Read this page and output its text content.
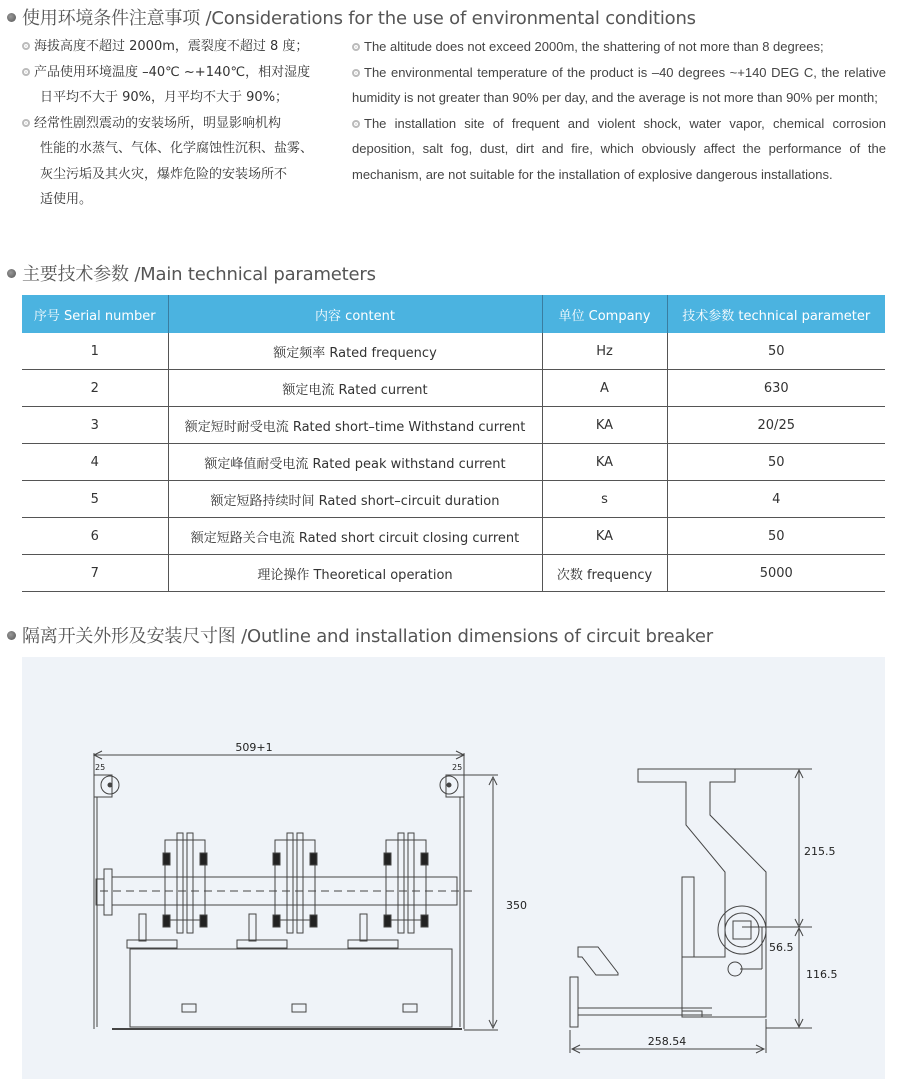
使用环境条件注意事项 /Considerations for the use of environmental conditions

海拔高度不超过 2000m，震裂度不超过 8 度；

产品使用环境温度 –40℃ ~+140℃，相对湿度

日平均不大于 90%，月平均不大于 90%；

经常性剧烈震动的安装场所，明显影响机构

性能的水蒸气、气体、化学腐蚀性沉积、盐雾、

灰尘污垢及其火灾，爆炸危险的安装场所不

适使用。

The altitude does not exceed 2000m, the shattering of not more than 8 degrees;

The environmental temperature of the product is –40 degrees ~+140 DEG C, the relative humidity is not greater than 90% per day, and the average is not more than 90% per month;

The installation site of frequent and violent shock, water vapor, chemical corrosion deposition, salt fog, dust, dirt and fire, which obviously affect the performance of the mechanism, are not suitable for the installation of explosive dangerous installations.

主要技术参数 /Main technical parameters
序号 Serial number	内容 content	单位 Company	技术参数 technical parameter
1	额定频率 Rated frequency	Hz	50
2	额定电流 Rated current	A	630
3	额定短时耐受电流 Rated short–time Withstand current	KA	20/25
4	额定峰值耐受电流 Rated peak withstand current	KA	50
5	额定短路持续时间 Rated short–circuit duration	s	4
6	额定短路关合电流 Rated short circuit closing current	KA	50
7	理论操作 Theoretical operation	次数 frequency	5000
隔离开关外形及安装尺寸图 /Outline and installation dimensions of circuit breaker
509+1
350
25	25
215.5
56.5
116.5
258.54
